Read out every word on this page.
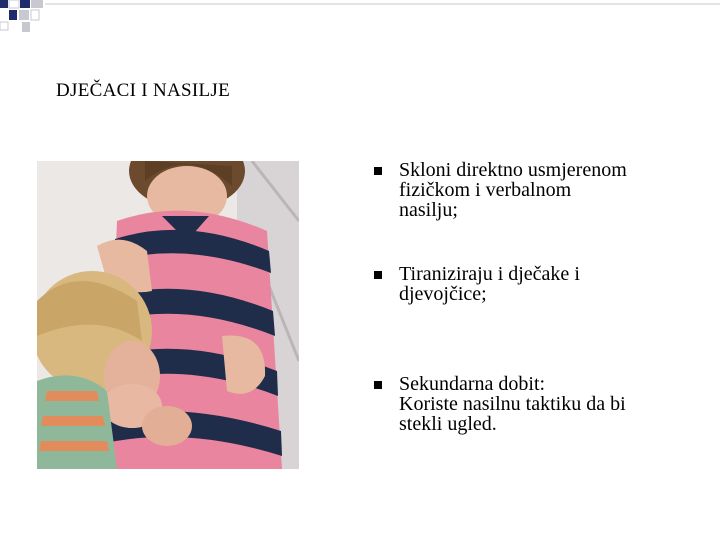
DJEČACI I NASILJE
Skloni direktno usmjerenom
fizičkom i verbalnom
nasilju;
Tiraniziraju i dječake i
djevojčice;
Sekundarna dobit:
Koriste nasilnu taktiku da bi
stekli ugled.
